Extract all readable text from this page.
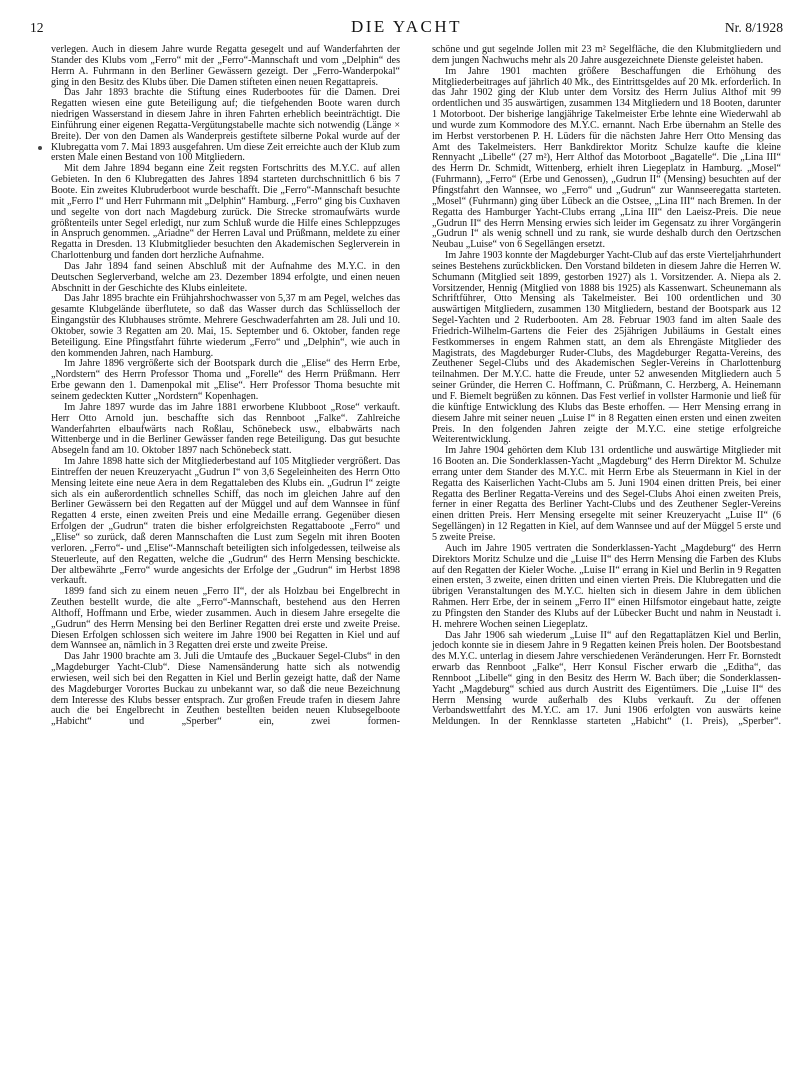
12	DIE YACHT	Nr. 8/1928

verlegen. Auch in diesem Jahre wurde Regatta gesegelt und auf Wanderfahrten der Stander des Klubs vom „Ferro“ mit der „Ferro“-Mannschaft und vom „Delphin“ des Herrn A. Fuhrmann in den Berliner Gewässern gezeigt. Der „Ferro-Wanderpokal“ ging in den Besitz des Klubs über. Die Damen stifteten einen neuen Regattapreis.

Das Jahr 1893 brachte die Stiftung eines Ruderbootes für die Damen. Drei Regatten wiesen eine gute Beteiligung auf; die tiefgehenden Boote waren durch niedrigen Wasserstand in diesem Jahre in ihren Fahrten erheblich beeinträchtigt. Die Einführung einer eigenen Regatta-Vergütungstabelle machte sich notwendig (Länge × Breite). Der von den Damen als Wanderpreis gestiftete silberne Pokal wurde auf der Klubregatta vom 7. Mai 1893 ausgefahren. Um diese Zeit erreichte auch der Klub zum ersten Male einen Bestand von 100 Mitgliedern.

Mit dem Jahre 1894 begann eine Zeit regsten Fortschritts des M.Y.C. auf allen Gebieten. In den 6 Klubregatten des Jahres 1894 starteten durchschnittlich 6 bis 7 Boote. Ein zweites Klubruderboot wurde beschafft. Die „Ferro“-Mannschaft besuchte mit „Ferro I“ und Herr Fuhrmann mit „Delphin“ Hamburg. „Ferro“ ging bis Cuxhaven und segelte von dort nach Magdeburg zurück. Die Strecke stromaufwärts wurde größtenteils unter Segel erledigt, nur zum Schluß wurde die Hilfe eines Schleppzuges in Anspruch genommen. „Ariadne“ der Herren Laval und Prüßmann, meldete zu einer Regatta in Dresden. 13 Klubmitglieder besuchten den Akademischen Seglerverein in Charlottenburg und fanden dort herzliche Aufnahme.

Das Jahr 1894 fand seinen Abschluß mit der Aufnahme des M.Y.C. in den Deutschen Seglerverband, welche am 23. Dezember 1894 erfolgte, und einen neuen Abschnitt in der Geschichte des Klubs einleitete.

Das Jahr 1895 brachte ein Frühjahrshochwasser von 5,37 m am Pegel, welches das gesamte Klubgelände überflutete, so daß das Wasser durch das Schlüsselloch der Eingangstür des Klubhauses strömte. Mehrere Geschwaderfahrten am 28. Juli und 10. Oktober, sowie 3 Regatten am 20. Mai, 15. September und 6. Oktober, fanden rege Beteiligung. Eine Pfingstfahrt führte wiederum „Ferro“ und „Delphin“, wie auch in den kommenden Jahren, nach Hamburg.

Im Jahre 1896 vergrößerte sich der Bootspark durch die „Elise“ des Herrn Erbe, „Nordstern“ des Herrn Professor Thoma und „Forelle“ des Herrn Prüßmann. Herr Erbe gewann den 1. Damenpokal mit „Elise“. Herr Professor Thoma besuchte mit seinem gedeckten Kutter „Nordstern“ Kopenhagen.

Im Jahre 1897 wurde das im Jahre 1881 erworbene Klubboot „Rose“ verkauft. Herr Otto Arnold jun. beschaffte sich das Rennboot „Falke“. Zahlreiche Wanderfahrten elbaufwärts nach Roßlau, Schönebeck usw., elbabwärts nach Wittenberge und in die Berliner Gewässer fanden rege Beteiligung. Das gut besuchte Absegeln fand am 10. Oktober 1897 nach Schönebeck statt.

Im Jahre 1898 hatte sich der Mitgliederbestand auf 105 Mitglieder vergrößert. Das Eintreffen der neuen Kreuzeryacht „Gudrun I“ von 3,6 Segeleinheiten des Herrn Otto Mensing leitete eine neue Aera in dem Regattaleben des Klubs ein. „Gudrun I“ zeigte sich als ein außerordentlich schnelles Schiff, das noch im gleichen Jahre auf den Berliner Gewässern bei den Regatten auf der Müggel und auf dem Wannsee in fünf Regatten 4 erste, einen zweiten Preis und eine Medaille errang. Gegenüber diesen Erfolgen der „Gudrun“ traten die bisher erfolgreichsten Regattaboote „Ferro“ und „Elise“ so zurück, daß deren Mannschaften die Lust zum Segeln mit ihren Booten verloren. „Ferro“- und „Elise“-Mannschaft beteiligten sich infolgedessen, teilweise als Steuerleute, auf den Regatten, welche die „Gudrun“ des Herrn Mensing beschickte. Der altbewährte „Ferro“ wurde angesichts der Erfolge der „Gudrun“ im Herbst 1898 verkauft.

1899 fand sich zu einem neuen „Ferro II“, der als Holzbau bei Engelbrecht in Zeuthen bestellt wurde, die alte „Ferro“-Mannschaft, bestehend aus den Herren Althoff, Hoffmann und Erbe, wieder zusammen. Auch in diesem Jahre ersegelte die „Gudrun“ des Herrn Mensing bei den Berliner Regatten drei erste und zweite Preise. Diesen Erfolgen schlossen sich weitere im Jahre 1900 bei Regatten in Kiel und auf dem Wannsee an, nämlich in 3 Regatten drei erste und zweite Preise.

Das Jahr 1900 brachte am 3. Juli die Umtaufe des „Buckauer Segel-Clubs“ in den „Magdeburger Yacht-Club“. Diese Namensänderung hatte sich als notwendig erwiesen, weil sich bei den Regatten in Kiel und Berlin gezeigt hatte, daß der Name des Magdeburger Vorortes Buckau zu unbekannt war, so daß die neue Bezeichnung dem Interesse des Klubs besser entsprach. Zur großen Freude trafen in diesem Jahre auch die bei Engelbrecht in Zeuthen bestellten beiden neuen Klubsegelboote „Habicht“ und „Sperber“ ein, zwei formen-

schöne und gut segelnde Jollen mit 23 m² Segelfläche, die den Klubmitgliedern und dem jungen Nachwuchs mehr als 20 Jahre ausgezeichnete Dienste geleistet haben.

Im Jahre 1901 machten größere Beschaffungen die Erhöhung des Mitgliederbeitrages auf jährlich 40 Mk., des Eintrittsgeldes auf 20 Mk. erforderlich. In das Jahr 1902 ging der Klub unter dem Vorsitz des Herrn Julius Althof mit 99 ordentlichen und 35 auswärtigen, zusammen 134 Mitgliedern und 18 Booten, darunter 1 Motorboot. Der bisherige langjährige Takelmeister Erbe lehnte eine Wiederwahl ab und wurde zum Kommodore des M.Y.C. ernannt. Nach Erbe übernahm an Stelle des im Herbst verstorbenen P. H. Lüders für die nächsten Jahre Herr Otto Mensing das Amt des Takelmeisters. Herr Bankdirektor Moritz Schulze kaufte die kleine Rennyacht „Libelle“ (27 m²), Herr Althof das Motorboot „Bagatelle“. Die „Lina III“ des Herrn Dr. Schmidt, Wittenberg, erhielt ihren Liegeplatz in Hamburg. „Mosel“ (Fuhrmann), „Ferro“ (Erbe und Genossen), „Gudrun II“ (Mensing) besuchten auf der Pfingstfahrt den Wannsee, wo „Ferro“ und „Gudrun“ zur Wannseeregatta starteten. „Mosel“ (Fuhrmann) ging über Lübeck an die Ostsee, „Lina III“ nach Bremen. In der Regatta des Hamburger Yacht-Clubs errang „Lina III“ den Laeisz-Preis. Die neue „Gudrun II“ des Herrn Mensing erwies sich leider im Gegensatz zu ihrer Vorgängerin „Gudrun I“ als wenig schnell und zu rank, sie wurde deshalb durch den Oertzschen Neubau „Luise“ von 6 Segellängen ersetzt.

Im Jahre 1903 konnte der Magdeburger Yacht-Club auf das erste Vierteljahrhundert seines Bestehens zurückblicken. Den Vorstand bildeten in diesem Jahre die Herren W. Schumann (Mitglied seit 1899, gestorben 1927) als 1. Vorsitzender. A. Niepa als 2. Vorsitzender, Hennig (Mitglied von 1888 bis 1925) als Kassenwart. Scheunemann als Schriftführer, Otto Mensing als Takelmeister. Bei 100 ordentlichen und 30 auswärtigen Mitgliedern, zusammen 130 Mitgliedern, bestand der Bootspark aus 12 Segel-Yachten und 2 Ruderbooten. Am 28. Februar 1903 fand im alten Saale des Friedrich-Wilhelm-Gartens die Feier des 25jährigen Jubiläums in Gestalt eines Festkommerses in engem Rahmen statt, an dem als Ehrengäste Mitglieder des Magistrats, des Magdeburger Ruder-Clubs, des Magdeburger Regatta-Vereins, des Zeuthener Segel-Clubs und des Akademischen Segler-Vereins in Charlottenburg teilnahmen. Der M.Y.C. hatte die Freude, unter 52 anwesenden Mitgliedern auch 5 seiner Gründer, die Herren C. Hoffmann, C. Prüßmann, C. Herzberg, A. Heinemann und F. Biemelt begrüßen zu können. Das Fest verlief in vollster Harmonie und ließ für die künftige Entwicklung des Klubs das Beste erhoffen. — Herr Mensing errang in diesem Jahre mit seiner neuen „Luise I“ in 8 Regatten einen ersten und einen zweiten Preis. In den folgenden Jahren zeigte der M.Y.C. eine stetige erfolgreiche Weiterentwicklung.

Im Jahre 1904 gehörten dem Klub 131 ordentliche und auswärtige Mitglieder mit 16 Booten an. Die Sonderklassen-Yacht „Magdeburg“ des Herrn Direktor M. Schulze errang unter dem Stander des M.Y.C. mit Herrn Erbe als Steuermann in Kiel in der Regatta des Kaiserlichen Yacht-Clubs am 5. Juni 1904 einen dritten Preis, bei einer Regatta des Berliner Regatta-Vereins und des Segel-Clubs Ahoi einen zweiten Preis, ferner in einer Regatta des Berliner Yacht-Clubs und des Zeuthener Segler-Vereins einen dritten Preis. Herr Mensing ersegelte mit seiner Kreuzeryacht „Luise II“ (6 Segellängen) in 12 Regatten in Kiel, auf dem Wannsee und auf der Müggel 5 erste und 5 zweite Preise.

Auch im Jahre 1905 vertraten die Sonderklassen-Yacht „Magdeburg“ des Herrn Direktors Moritz Schulze und die „Luise II“ des Herrn Mensing die Farben des Klubs auf den Regatten der Kieler Woche. „Luise II“ errang in Kiel und Berlin in 9 Regatten einen ersten, 3 zweite, einen dritten und einen vierten Preis. Die Klubregatten und die übrigen Veranstaltungen des M.Y.C. hielten sich in diesem Jahre in dem üblichen Rahmen. Herr Erbe, der in seinem „Ferro II“ einen Hilfsmotor eingebaut hatte, zeigte zu Pfingsten den Stander des Klubs auf der Lübecker Bucht und nahm in Neustadt i. H. mehrere Wochen seinen Liegeplatz.

Das Jahr 1906 sah wiederum „Luise II“ auf den Regattaplätzen Kiel und Berlin, jedoch konnte sie in diesem Jahre in 9 Regatten keinen Preis holen. Der Bootsbestand des M.Y.C. unterlag in diesem Jahre verschiedenen Veränderungen. Herr Fr. Bornstedt erwarb das Rennboot „Falke“, Herr Konsul Fischer erwarb die „Editha“, das Rennboot „Libelle“ ging in den Besitz des Herrn W. Bach über; die Sonderklassen-Yacht „Magdeburg“ schied aus durch Austritt des Eigentümers. Die „Luise II“ des Herrn Mensing wurde außerhalb des Klubs verkauft. Zu der offenen Verbandswettfahrt des M.Y.C. am 17. Juni 1906 erfolgten von auswärts keine Meldungen. In der Rennklasse starteten „Habicht“ (1. Preis), „Sperber“.
